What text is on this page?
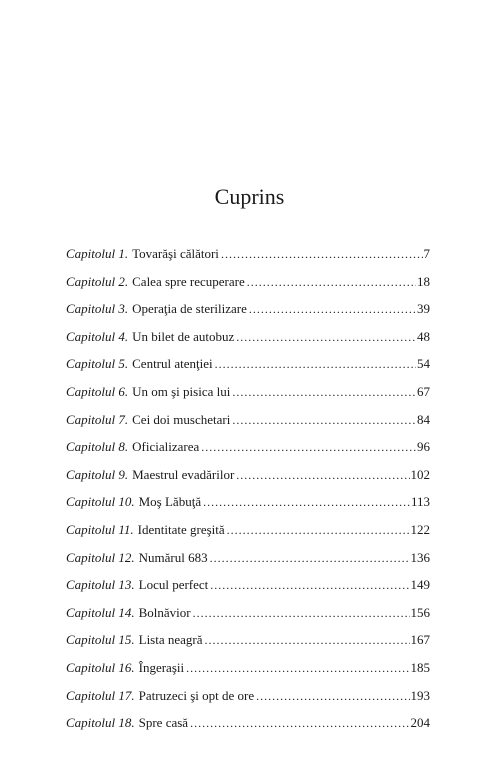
Cuprins
Capitolul 1. Tovarăşi călători .....	7
Capitolul 2. Calea spre recuperare .....	18
Capitolul 3. Operaţia de sterilizare .....	39
Capitolul 4. Un bilet de autobuz .....	48
Capitolul 5. Centrul atenţiei .....	54
Capitolul 6. Un om şi pisica lui .....	67
Capitolul 7. Cei doi muschetari .....	84
Capitolul 8. Oficializarea .....	96
Capitolul 9. Maestrul evadărilor .....	102
Capitolul 10. Moş Lăbuţă .....	113
Capitolul 11. Identitate greşită .....	122
Capitolul 12. Numărul 683 .....	136
Capitolul 13. Locul perfect .....	149
Capitolul 14. Bolnăvior .....	156
Capitolul 15. Lista neagră .....	167
Capitolul 16. Îngeraşii .....	185
Capitolul 17. Patruzeci şi opt de ore .....	193
Capitolul 18. Spre casă .....	204
